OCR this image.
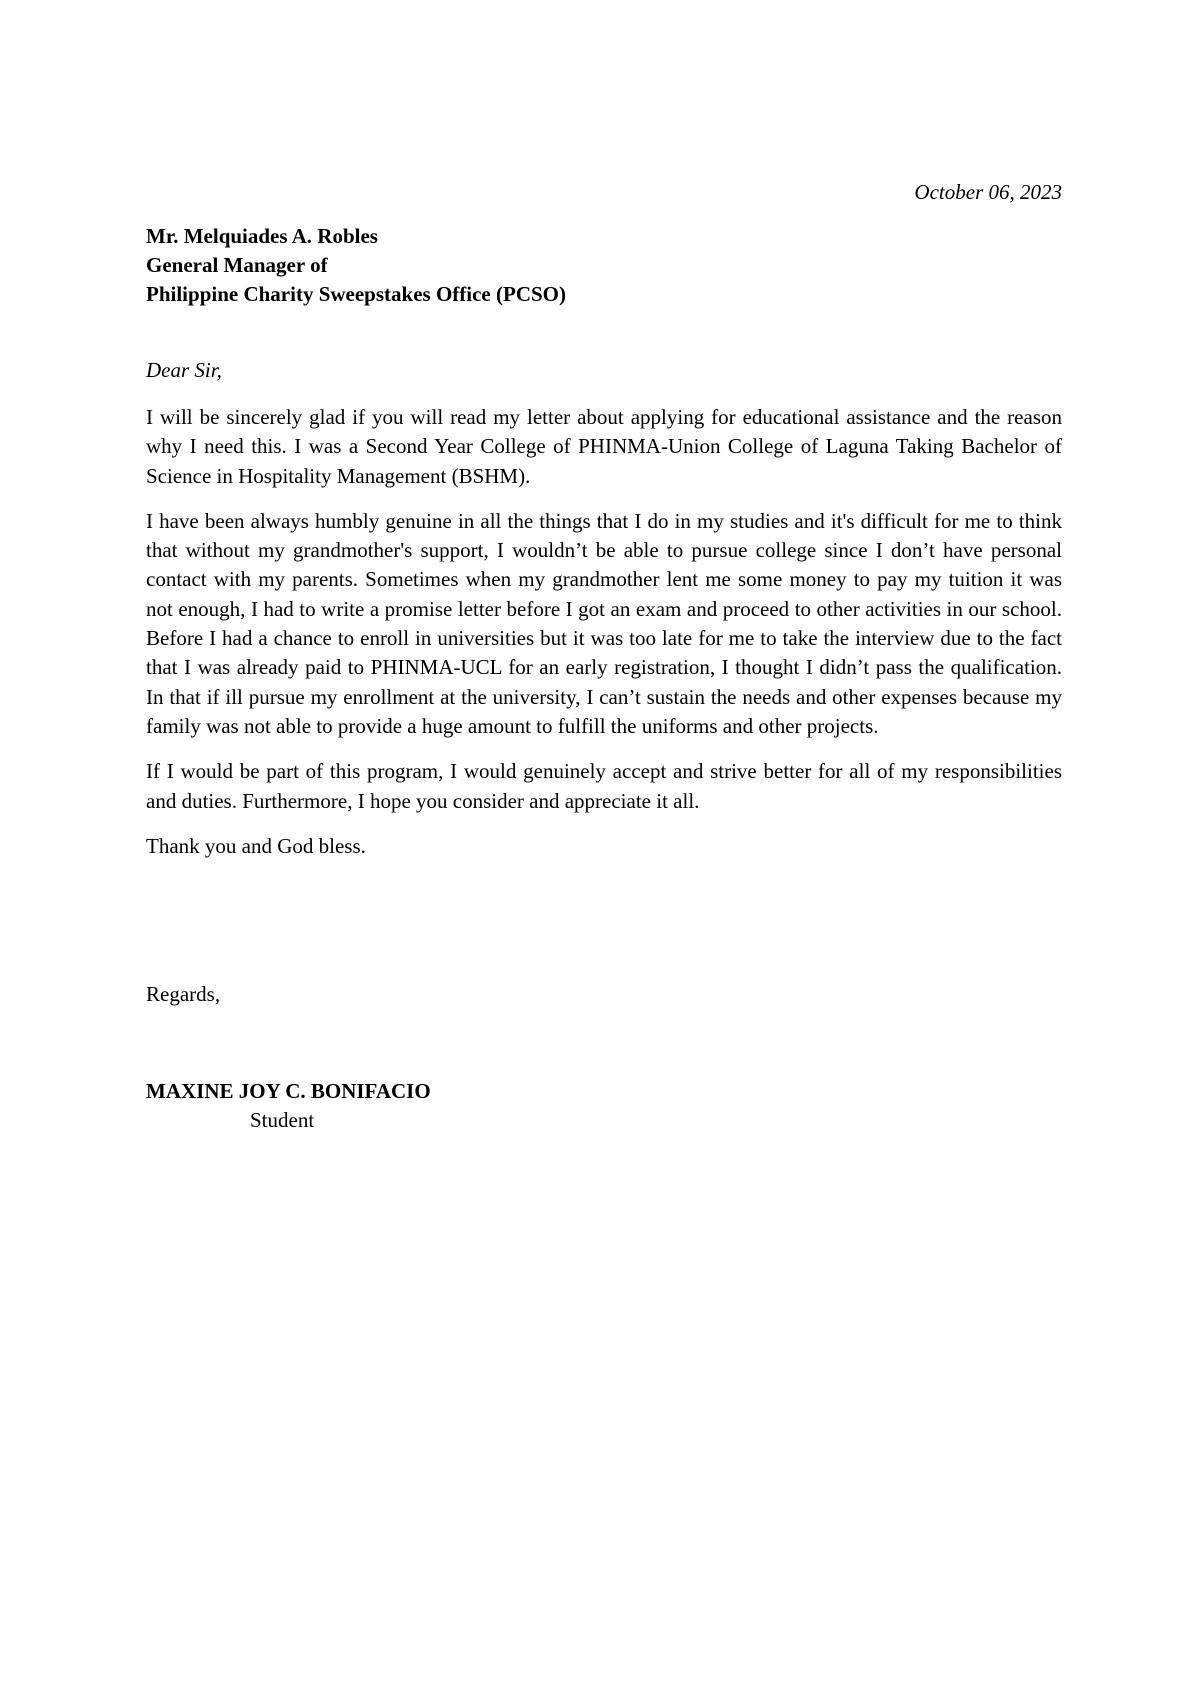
October 06, 2023
Mr. Melquiades A. Robles
General Manager of
Philippine Charity Sweepstakes Office (PCSO)
Dear Sir,

I will be sincerely glad if you will read my letter about applying for educational assistance and the reason why I need this. I was a Second Year College of PHINMA-Union College of Laguna Taking Bachelor of Science in Hospitality Management (BSHM).

I have been always humbly genuine in all the things that I do in my studies and it's difficult for me to think that without my grandmother's support, I wouldn’t be able to pursue college since I don’t have personal contact with my parents. Sometimes when my grandmother lent me some money to pay my tuition it was not enough, I had to write a promise letter before I got an exam and proceed to other activities in our school. Before I had a chance to enroll in universities but it was too late for me to take the interview due to the fact that I was already paid to PHINMA-UCL for an early registration, I thought I didn’t pass the qualification. In that if ill pursue my enrollment at the university, I can’t sustain the needs and other expenses because my family was not able to provide a huge amount to fulfill the uniforms and other projects.

If I would be part of this program, I would genuinely accept and strive better for all of my responsibilities and duties. Furthermore, I hope you consider and appreciate it all.

Thank you and God bless.

Regards,
MAXINE JOY C. BONIFACIO
Student
